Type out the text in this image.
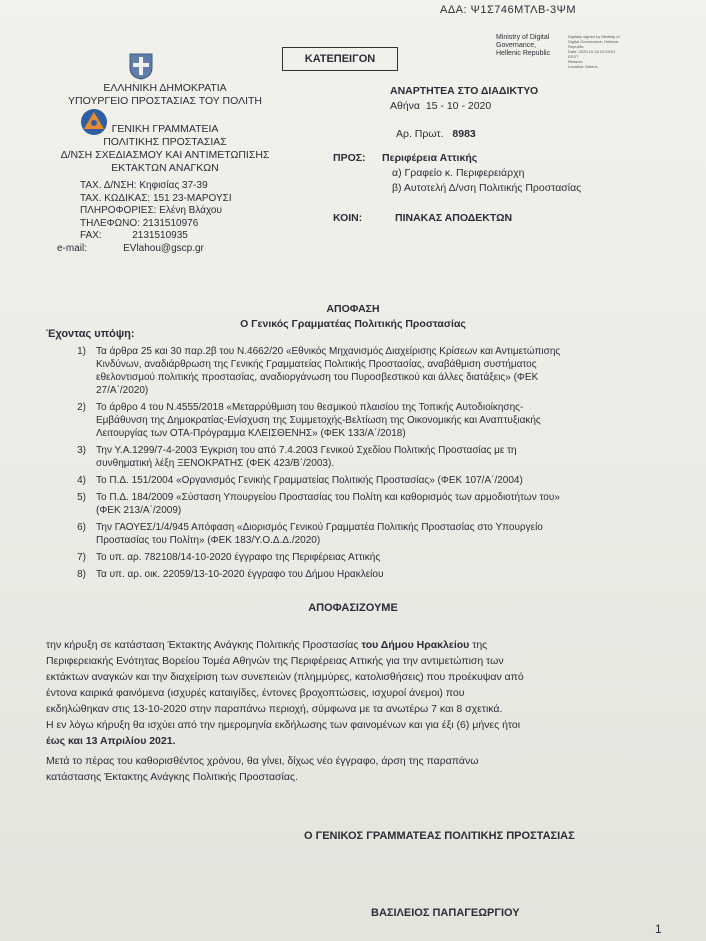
ΑΔΑ: Ψ1Σ746ΜΤΛΒ-3ΨΜ
Ministry of Digital
Governance,
Hellenic Republic
Digitally signed by Ministry of
Digital Governance, Hellenic
Republic
Date: 2020.10.15 12:09:01
EEST
Reason:
Location: Athens
ΚΑΤΕΠΕΙΓΟΝ
ΕΛΛΗΝΙΚΗ ΔΗΜΟΚΡΑΤΙΑ
ΥΠΟΥΡΓΕΙΟ ΠΡΟΣΤΑΣΙΑΣ ΤΟΥ ΠΟΛΙΤΗ
ΓΕΝΙΚΗ ΓΡΑΜΜΑΤΕΙΑ
ΠΟΛΙΤΙΚΗΣ ΠΡΟΣΤΑΣΙΑΣ
Δ/ΝΣΗ ΣΧΕΔΙΑΣΜΟΥ ΚΑΙ ΑΝΤΙΜΕΤΩΠΙΣΗΣ
ΕΚΤΑΚΤΩΝ ΑΝΑΓΚΩΝ
ΤΑΧ. Δ/ΝΣΗ: Κηφισίας 37-39
ΤΑΧ. ΚΩΔΙΚΑΣ: 151 23-ΜΑΡΟΥΣΙ
ΠΛΗΡΟΦΟΡΙΕΣ: Ελένη Βλάχου
ΤΗΛΕΦΩΝΟ: 2131510976
FAX:           2131510935
e-mail:             EVlahou@gscp.gr
ΑΝΑΡΤΗΤΕΑ ΣΤΟ ΔΙΑΔΙΚΤΥΟ
Αθήνα  15 - 10 - 2020
Αρ. Πρωτ. 8983
ΠΡΟΣ: Περιφέρεια Αττικής
α) Γραφείο κ. Περιφερειάρχη
β) Αυτοτελή Δ/νση Πολιτικής Προστασίας
ΚΟΙΝ:	ΠΙΝΑΚΑΣ ΑΠΟΔΕΚΤΩΝ
ΑΠΟΦΑΣΗ
Ο Γενικός Γραμματέας Πολιτικής Προστασίας
Έχοντας υπόψη:
1) Τα άρθρα 25 και 30 παρ.2β του Ν.4662/20 «Εθνικός Μηχανισμός Διαχείρισης Κρίσεων και Αντιμετώπισης
Κινδύνων, αναδιάρθρωση της Γενικής Γραμματείας Πολιτικής Προστασίας, αναβάθμιση συστήματος
εθελοντισμού πολιτικής προστασίας, αναδιοργάνωση του Πυροσβεστικού και άλλες διατάξεις» (ΦΕΚ
27/Α΄/2020)
2) Το άρθρο 4 του Ν.4555/2018 «Μεταρρύθμιση του θεσμικού πλαισίου της Τοπικής Αυτοδιοίκησης-
Εμβάθυνση της Δημοκρατίας-Ενίσχυση της Συμμετοχής-Βελτίωση της Οικονομικής και Αναπτυξιακής
Λειτουργίας των ΟΤΑ-Πρόγραμμα ΚΛΕΙΣΘΕΝΗΣ» (ΦΕΚ 133/Α΄/2018)
3) Την Υ.Α.1299/7-4-2003 Έγκριση του από 7.4.2003 Γενικού Σχεδίου Πολιτικής Προστασίας με τη
συνθηματική λέξη ΞΕΝΟΚΡΑΤΗΣ (ΦΕΚ 423/Β΄/2003).
4) Το Π.Δ. 151/2004 «Οργανισμός Γενικής Γραμματείας Πολιτικής Προστασίας» (ΦΕΚ 107/Α΄/2004)
5) Το Π.Δ. 184/2009 «Σύσταση Υπουργείου Προστασίας του Πολίτη και καθορισμός των αρμοδιοτήτων του»
(ΦΕΚ 213/Α΄/2009)
6) Την ΓΑΟΥΕΣ/1/4/945 Απόφαση «Διορισμός Γενικού Γραμματέα Πολιτικής Προστασίας στο Υπουργείο
Προστασίας του Πολίτη» (ΦΕΚ 183/Υ.Ο.Δ.Δ./2020)
7) Το υπ. αρ. 782108/14-10-2020 έγγραφο της Περιφέρειας Αττικής
8) Τα υπ. αρ. οικ. 22059/13-10-2020 έγγραφο του Δήμου Ηρακλείου
ΑΠΟΦΑΣΙΖΟΥΜΕ
την κήρυξη σε κατάσταση Έκτακτης Ανάγκης Πολιτικής Προστασίας του Δήμου Ηρακλείου της
Περιφερειακής Ενότητας Βορείου Τομέα Αθηνών της Περιφέρειας Αττικής για την αντιμετώπιση των
εκτάκτων αναγκών και την διαχείριση των συνεπειών (πλημμύρες, κατολισθήσεις) που προέκυψαν από
έντονα καιρικά φαινόμενα (ισχυρές καταιγίδες, έντονες βροχοπτώσεις, ισχυροί άνεμοι) που
εκδηλώθηκαν στις 13-10-2020 στην παραπάνω περιοχή, σύμφωνα με τα ανωτέρω 7 και 8 σχετικά.
Η εν λόγω κήρυξη θα ισχύει από την ημερομηνία εκδήλωσης των φαινομένων και για έξι (6) μήνες ήτοι
έως και 13 Απριλίου 2021.
Μετά το πέρας του καθορισθέντος χρόνου, θα γίνει, δίχως νέο έγγραφο, άρση της παραπάνω
κατάστασης Έκτακτης Ανάγκης Πολιτικής Προστασίας.
Ο ΓΕΝΙΚΟΣ ΓΡΑΜΜΑΤΕΑΣ ΠΟΛΙΤΙΚΗΣ ΠΡΟΣΤΑΣΙΑΣ
ΒΑΣΙΛΕΙΟΣ ΠΑΠΑΓΕΩΡΓΙΟΥ
1
